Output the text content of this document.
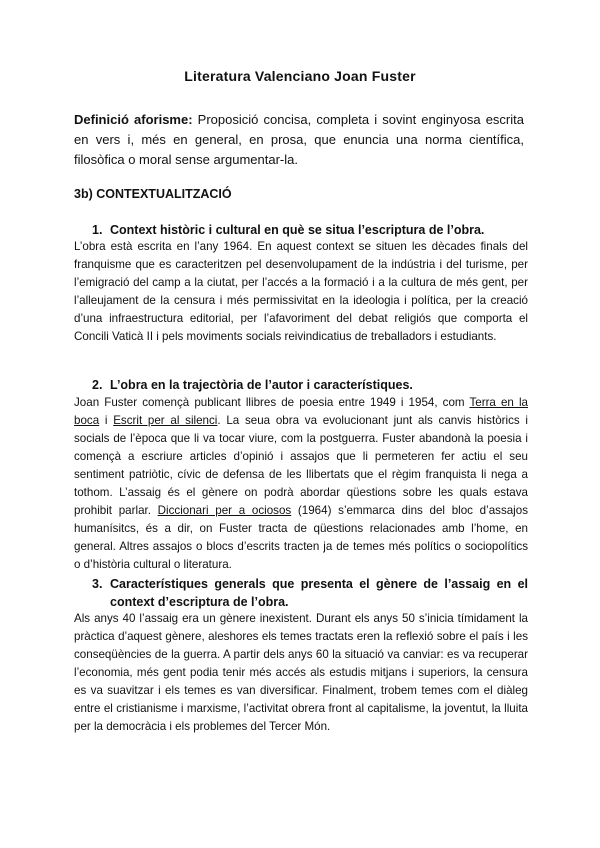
Literatura Valenciano Joan Fuster
Definició aforisme: Proposició concisa, completa i sovint enginyosa escrita en vers i, més en general, en prosa, que enuncia una norma científica, filosòfica o moral sense argumentar-la.
3b) CONTEXTUALITZACIÓ
1. Context històric i cultural en què se situa l’escriptura de l’obra.
L’obra està escrita en l’any 1964. En aquest context se situen les dècades finals del franquisme que es caracteritzen pel desenvolupament de la indústria i del turisme, per l’emigració del camp a la ciutat, per l’accés a la formació i a la cultura de més gent, per l’alleujament de la censura i més permissivitat en la ideologia i política, per la creació d’una infraestructura editorial, per l’afavoriment del debat religiós que comporta el Concili Vaticà II i pels moviments socials reivindicatius de treballadors i estudiants.
2. L’obra en la trajectòria de l’autor i característiques.
Joan Fuster començà publicant llibres de poesia entre 1949 i 1954, com Terra en la boca i Escrit per al silenci. La seua obra va evolucionant junt als canvis històrics i socials de l’època que li va tocar viure, com la postguerra. Fuster abandonà la poesia i començà a escriure articles d’opinió i assajos que li permeteren fer actiu el seu sentiment patriòtic, cívic de defensa de les llibertats que el règim franquista li nega a tothom. L’assaig és el gènere on podrà abordar qüestions sobre les quals estava prohibit parlar. Diccionari per a ociosos (1964) s’emmarca dins del bloc d’assajos humanísitcs, és a dir, on Fuster tracta de qüestions relacionades amb l’home, en general. Altres assajos o blocs d’escrits tracten ja de temes més polítics o sociopolítics o d’història cultural o literatura.
3. Característiques generals que presenta el gènere de l’assaig en el context d’escriptura de l’obra.
Als anys 40 l’assaig era un gènere inexistent. Durant els anys 50 s’inicia tímidament la pràctica d’aquest gènere, aleshores els temes tractats eren la reflexió sobre el país i les conseqüències de la guerra. A partir dels anys 60 la situació va canviar: es va recuperar l’economia, més gent podia tenir més accés als estudis mitjans i superiors, la censura es va suavitzar i els temes es van diversificar. Finalment, trobem temes com el diàleg entre el cristianisme i marxisme, l’activitat obrera front al capitalisme, la joventut, la lluita per la democràcia i els problemes del Tercer Món.
